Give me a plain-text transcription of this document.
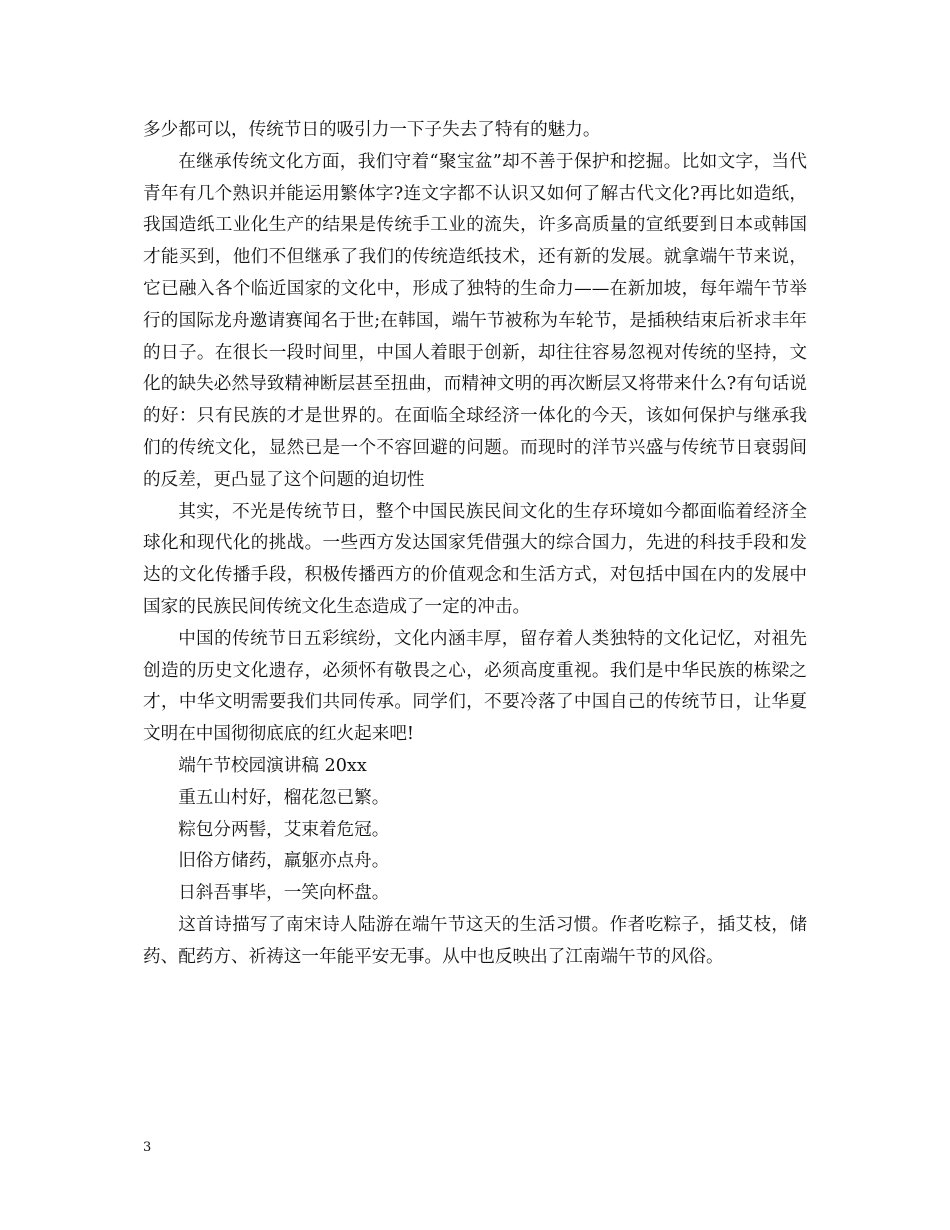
多少都可以，传统节日的吸引力一下子失去了特有的魅力。

在继承传统文化方面，我们守着“聚宝盆”却不善于保护和挖掘。比如文字，当代青年有几个熟识并能运用繁体字?连文字都不认识又如何了解古代文化?再比如造纸，我国造纸工业化生产的结果是传统手工业的流失，许多高质量的宣纸要到日本或韩国才能买到，他们不但继承了我们的传统造纸技术，还有新的发展。就拿端午节来说，它已融入各个临近国家的文化中，形成了独特的生命力——在新加坡，每年端午节举行的国际龙舟邀请赛闻名于世;在韩国，端午节被称为车轮节，是插秧结束后祈求丰年的日子。在很长一段时间里，中国人着眼于创新，却往往容易忽视对传统的坚持，文化的缺失必然导致精神断层甚至扭曲，而精神文明的再次断层又将带来什么?有句话说的好：只有民族的才是世界的。在面临全球经济一体化的今天，该如何保护与继承我们的传统文化，显然已是一个不容回避的问题。而现时的洋节兴盛与传统节日衰弱间的反差，更凸显了这个问题的迫切性

其实，不光是传统节日，整个中国民族民间文化的生存环境如今都面临着经济全球化和现代化的挑战。一些西方发达国家凭借强大的综合国力，先进的科技手段和发达的文化传播手段，积极传播西方的价值观念和生活方式，对包括中国在内的发展中国家的民族民间传统文化生态造成了一定的冲击。

中国的传统节日五彩缤纷，文化内涵丰厚，留存着人类独特的文化记忆，对祖先创造的历史文化遗存，必须怀有敬畏之心，必须高度重视。我们是中华民族的栋梁之才，中华文明需要我们共同传承。同学们，不要冷落了中国自己的传统节日，让华夏文明在中国彻彻底底的红火起来吧!

端午节校园演讲稿 20xx

重五山村好，榴花忽已繁。

粽包分两髻，艾束着危冠。

旧俗方储药，羸躯亦点舟。

日斜吾事毕，一笑向杯盘。

这首诗描写了南宋诗人陆游在端午节这天的生活习惯。作者吃粽子，插艾枝，储药、配药方、祈祷这一年能平安无事。从中也反映出了江南端午节的风俗。

3
